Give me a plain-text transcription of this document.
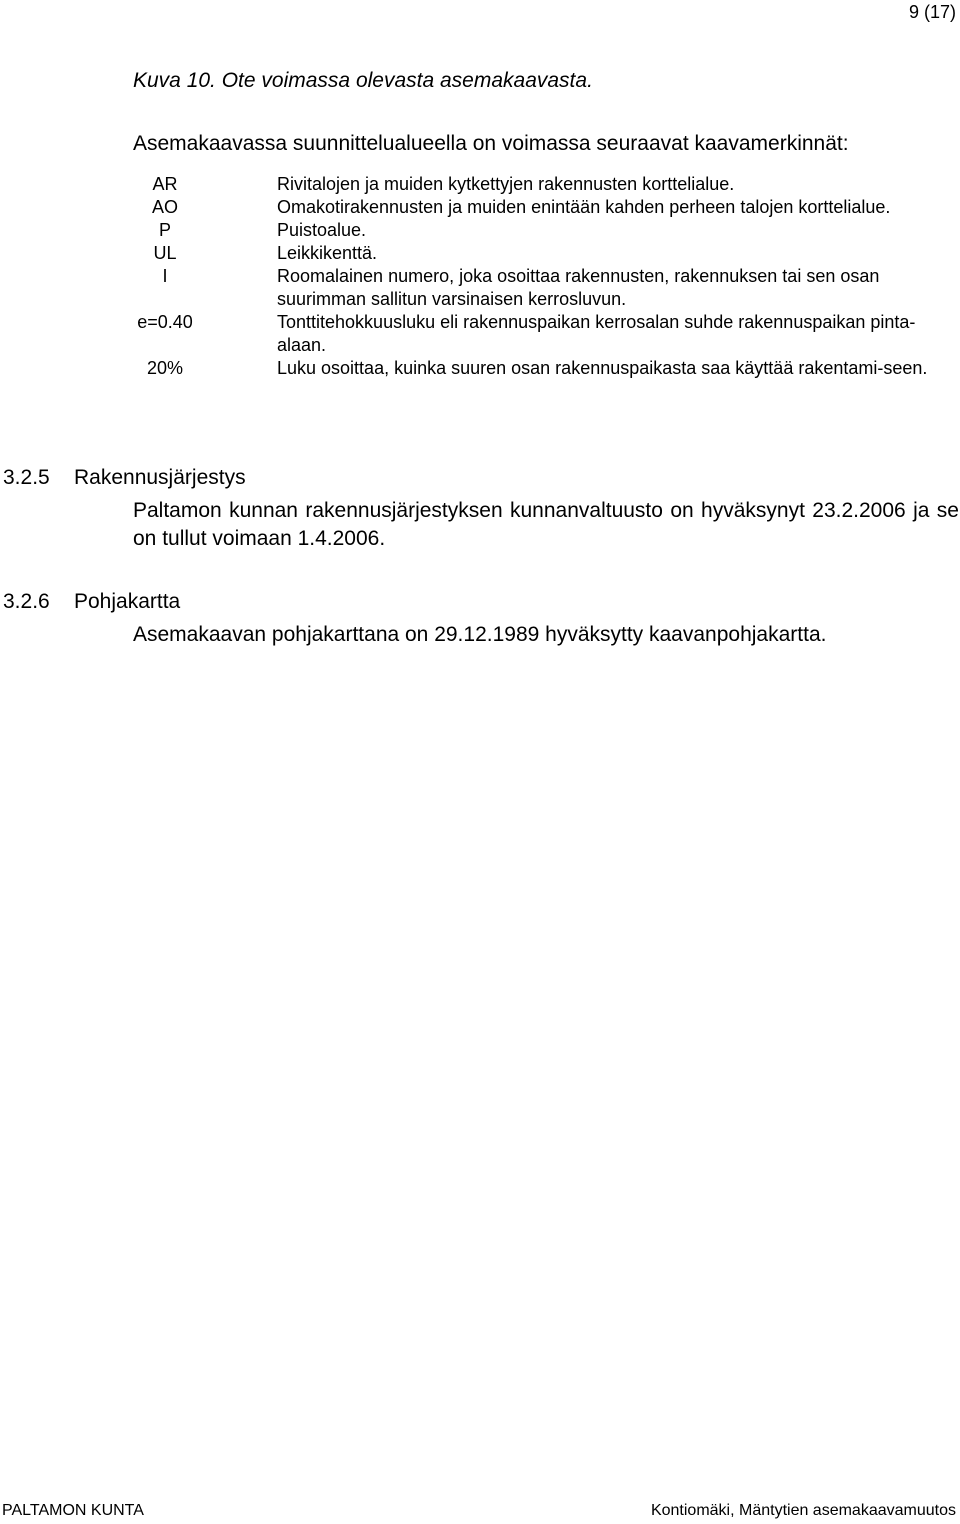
9 (17)
Kuva 10. Ote voimassa olevasta asemakaavasta.
Asemakaavassa suunnittelualueella on voimassa seuraavat kaavamerkinnät:
AR	Rivitalojen ja muiden kytkettyjen rakennusten korttelialue.
AO	Omakotirakennusten ja muiden enintään kahden perheen talojen korttelialue.
P	Puistoalue.
UL	Leikkikenttä.
I	Roomalainen numero, joka osoittaa rakennusten, rakennuksen tai sen osan suurimman sallitun varsinaisen kerrosluvun.
e=0.40	Tonttitehokkuusluku eli rakennuspaikan kerrosalan suhde rakennuspaikan pinta-alaan.
20%	Luku osoittaa, kuinka suuren osan rakennuspaikasta saa käyttää rakentami-seen.
3.2.5 Rakennusjärjestys
Paltamon kunnan rakennusjärjestyksen kunnanvaltuusto on hyväksynyt 23.2.2006 ja se on tullut voimaan 1.4.2006.
3.2.6 Pohjakartta
Asemakaavan pohjakarttana on 29.12.1989 hyväksytty kaavanpohjakartta.
PALTAMON KUNTA	Kontiomäki, Mäntytien asemakaavamuutos
